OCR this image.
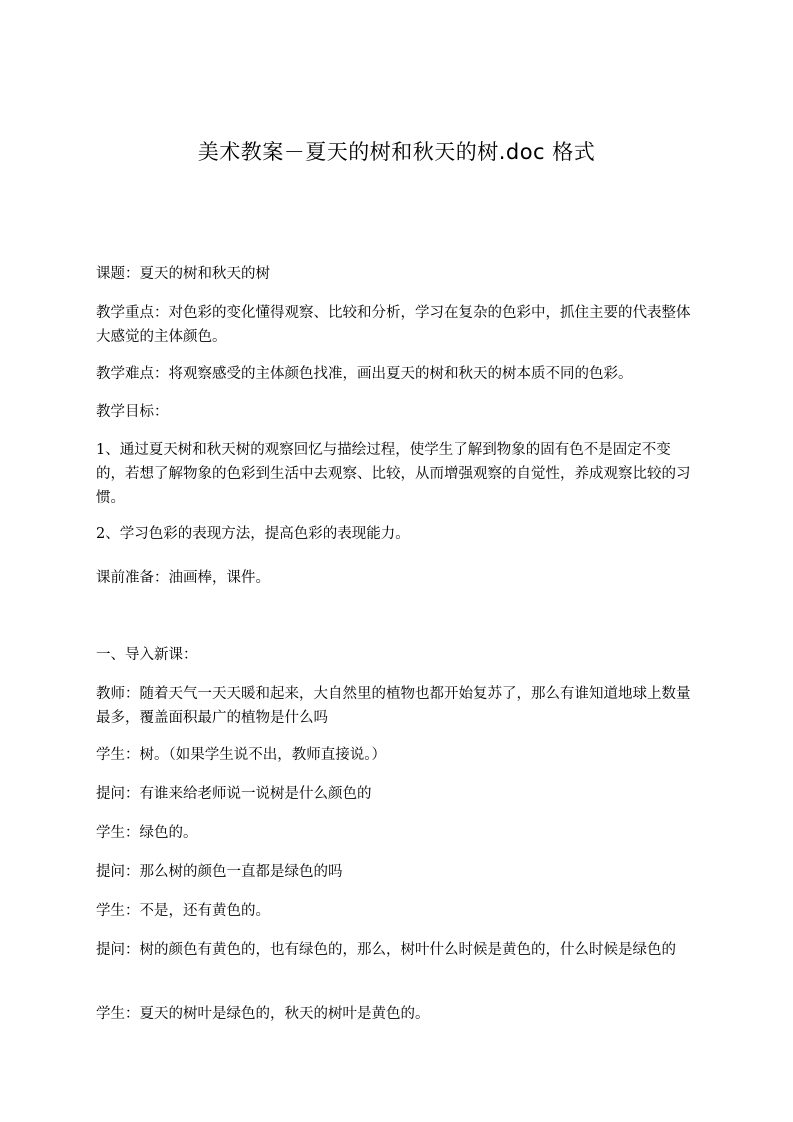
美术教案－夏天的树和秋天的树.doc 格式

课题：夏天的树和秋天的树

教学重点：对色彩的变化懂得观察、比较和分析，学习在复杂的色彩中，抓住主要的代表整体大感觉的主体颜色。

教学难点：将观察感受的主体颜色找准，画出夏天的树和秋天的树本质不同的色彩。

教学目标：

1、通过夏天树和秋天树的观察回忆与描绘过程，使学生了解到物象的固有色不是固定不变的，若想了解物象的色彩到生活中去观察、比较，从而增强观察的自觉性，养成观察比较的习惯。

2、学习色彩的表现方法，提高色彩的表现能力。

课前准备：油画棒，课件。

一、导入新课：

教师：随着天气一天天暖和起来，大自然里的植物也都开始复苏了，那么有谁知道地球上数量最多，覆盖面积最广的植物是什么吗

学生：树。（如果学生说不出，教师直接说。）

提问：有谁来给老师说一说树是什么颜色的

学生：绿色的。

提问：那么树的颜色一直都是绿色的吗

学生：不是，还有黄色的。

提问：树的颜色有黄色的，也有绿色的，那么，树叶什么时候是黄色的，什么时候是绿色的

学生：夏天的树叶是绿色的，秋天的树叶是黄色的。
